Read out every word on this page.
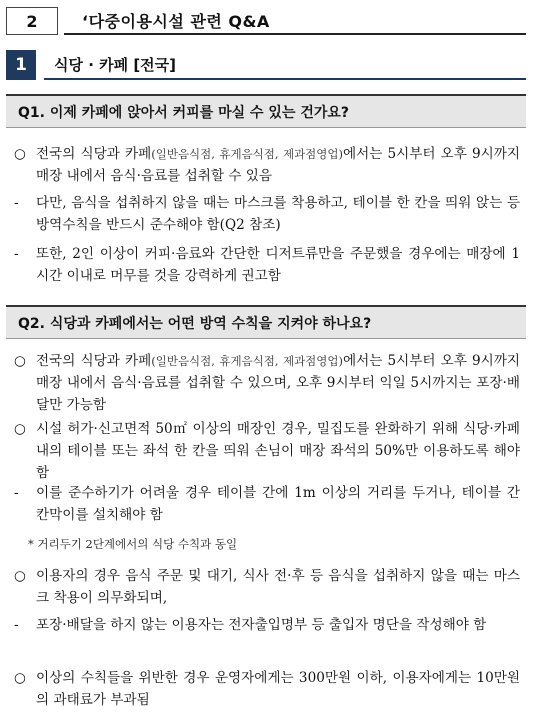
2	‘다중이용시설 관련 Q&A
1	식당 · 카페 [전국]
Q1. 이제 카페에 앉아서 커피를 마실 수 있는 건가요?
○ 전국의 식당과 카페(일반음식점, 휴게음식점, 제과점영업)에서는 5시부터 오후 9시까지 매장 내에서 음식·음료를 섭취할 수 있음
- 다만, 음식을 섭취하지 않을 때는 마스크를 착용하고, 테이블 한 칸을 띄워 앉는 등 방역수칙을 반드시 준수해야 함(Q2 참조)
- 또한, 2인 이상이 커피·음료와 간단한 디저트류만을 주문했을 경우에는 매장에 1시간 이내로 머무를 것을 강력하게 권고함
Q2. 식당과 카페에서는 어떤 방역 수칙을 지켜야 하나요?
○ 전국의 식당과 카페(일반음식점, 휴게음식점, 제과점영업)에서는 5시부터 오후 9시까지 매장 내에서 음식·음료를 섭취할 수 있으며, 오후 9시부터 익일 5시까지는 포장·배달만 가능함
○ 시설 허가·신고면적 50㎡ 이상의 매장인 경우, 밀집도를 완화하기 위해 식당·카페 내의 테이블 또는 좌석 한 칸을 띄워 손님이 매장 좌석의 50%만 이용하도록 해야 함
- 이를 준수하기가 어려울 경우 테이블 간에 1m 이상의 거리를 두거나, 테이블 간 칸막이를 설치해야 함
* 거리두기 2단계에서의 식당 수칙과 동일
○ 이용자의 경우 음식 주문 및 대기, 식사 전·후 등 음식을 섭취하지 않을 때는 마스크 착용이 의무화되며,
- 포장·배달을 하지 않는 이용자는 전자출입명부 등 출입자 명단을 작성해야 함
○ 이상의 수칙들을 위반한 경우 운영자에게는 300만원 이하, 이용자에게는 10만원의 과태료가 부과됨
